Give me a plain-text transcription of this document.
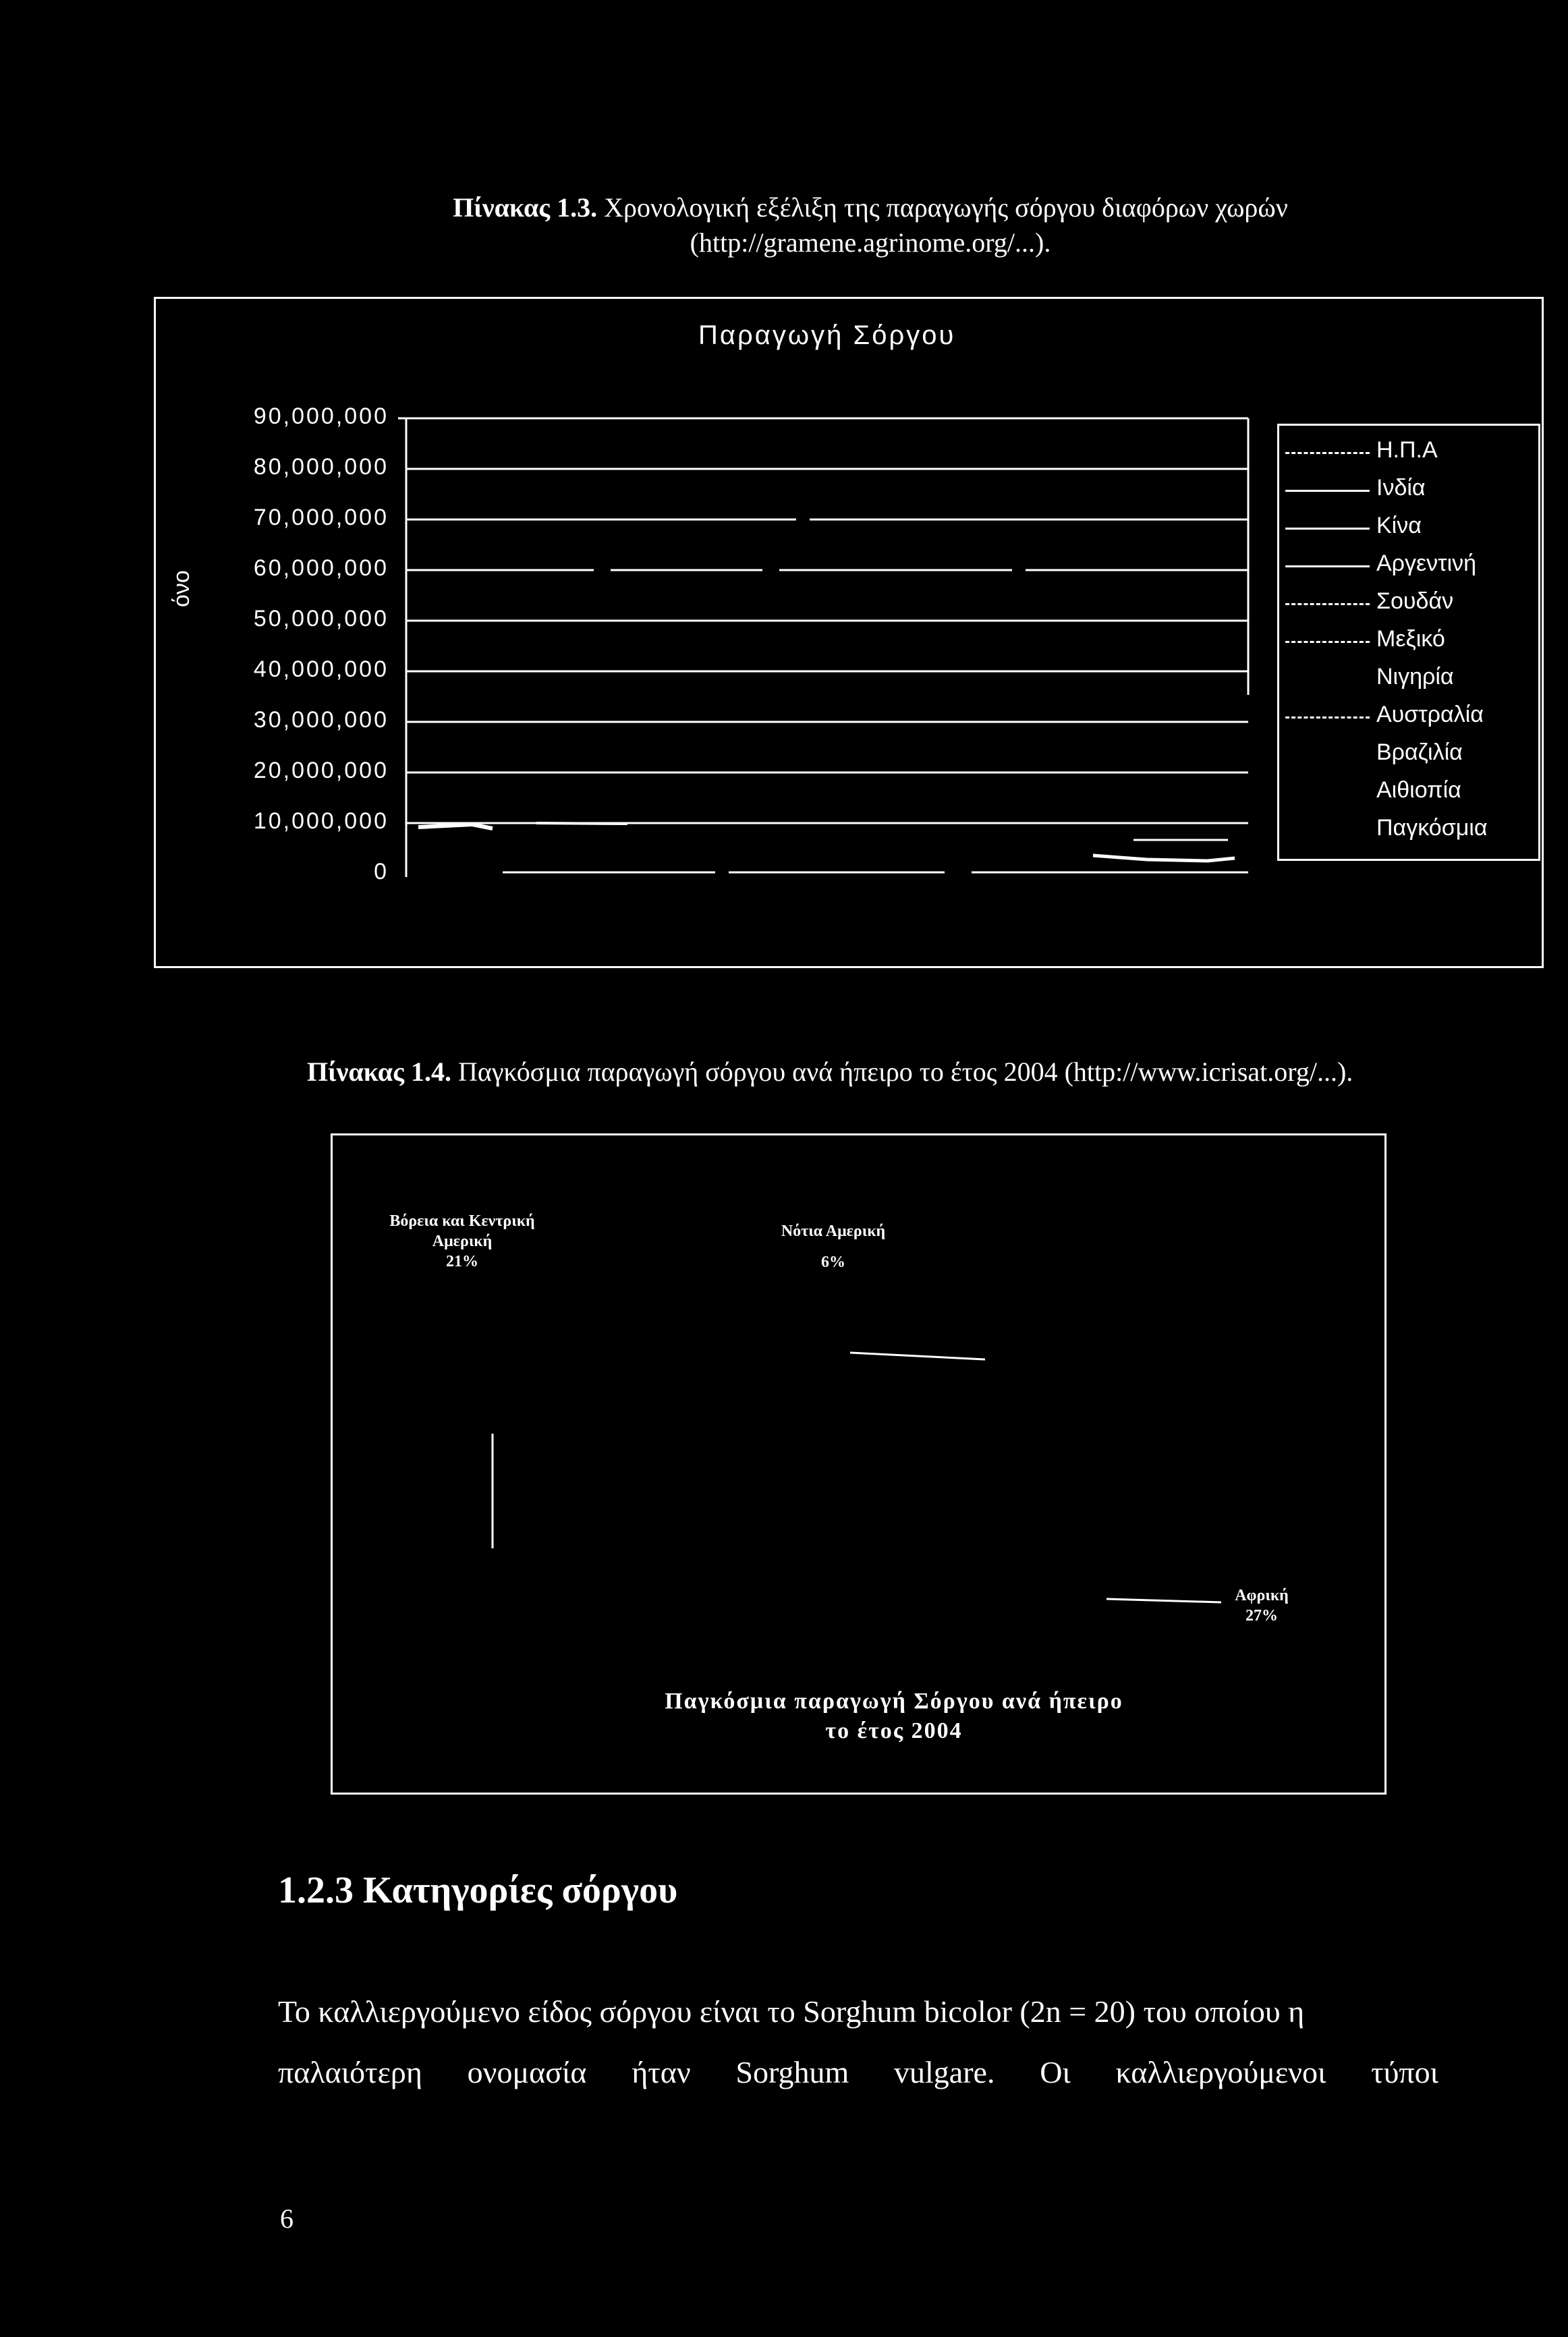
Πίνακας 1.3. Χρονολογική εξέλιξη της παραγωγής σόργου διαφόρων χωρών
(http://gramene.agrinome.org/...).
Παραγωγή Σόργου
όνο
90,000,000
80,000,000
70,000,000
60,000,000
50,000,000
40,000,000
30,000,000
20,000,000
10,000,000
0
Η.Π.Α
Ινδία
Κίνα
Αργεντινή
Σουδάν
Μεξικό
Νιγηρία
Αυστραλία
Βραζιλία
Αιθιοπία
Παγκόσμια
Πίνακας 1.4. Παγκόσμια παραγωγή σόργου ανά ήπειρο το έτος 2004 (http://www.icrisat.org/...).
Βόρεια και Κεντρική
Αμερική
21%
Νότια Αμερική
6%
Αφρική
27%
Παγκόσμια παραγωγή Σόργου ανά ήπειρο
το έτος 2004
1.2.3 Κατηγορίες σόργου
Το καλλιεργούμενο είδος σόργου είναι το Sorghum bicolor (2n = 20) του οποίου η
παλαιότερη ονομασία ήταν Sorghum vulgare. Οι καλλιεργούμενοι τύποι
6
